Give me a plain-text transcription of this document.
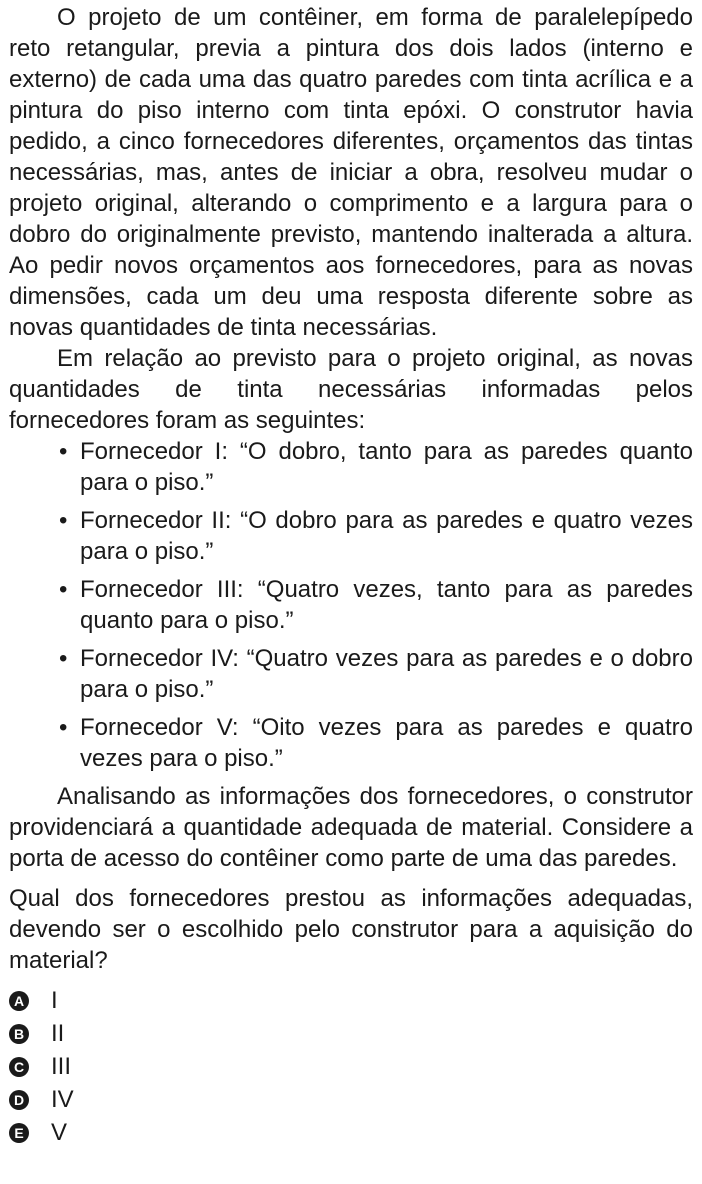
O projeto de um contêiner, em forma de paralelepípedo reto retangular, previa a pintura dos dois lados (interno e externo) de cada uma das quatro paredes com tinta acrílica e a pintura do piso interno com tinta epóxi. O construtor havia pedido, a cinco fornecedores diferentes, orçamentos das tintas necessárias, mas, antes de iniciar a obra, resolveu mudar o projeto original, alterando o comprimento e a largura para o dobro do originalmente previsto, mantendo inalterada a altura. Ao pedir novos orçamentos aos fornecedores, para as novas dimensões, cada um deu uma resposta diferente sobre as novas quantidades de tinta necessárias.

Em relação ao previsto para o projeto original, as novas quantidades de tinta necessárias informadas pelos fornecedores foram as seguintes:

• Fornecedor I: “O dobro, tanto para as paredes quanto para o piso.”
• Fornecedor II: “O dobro para as paredes e quatro vezes para o piso.”
• Fornecedor III: “Quatro vezes, tanto para as paredes quanto para o piso.”
• Fornecedor IV: “Quatro vezes para as paredes e o dobro para o piso.”
• Fornecedor V: “Oito vezes para as paredes e quatro vezes para o piso.”

Analisando as informações dos fornecedores, o construtor providenciará a quantidade adequada de material. Considere a porta de acesso do contêiner como parte de uma das paredes.

Qual dos fornecedores prestou as informações adequadas, devendo ser o escolhido pelo construtor para a aquisição do material?

A I
B II
C III
D IV
E V
